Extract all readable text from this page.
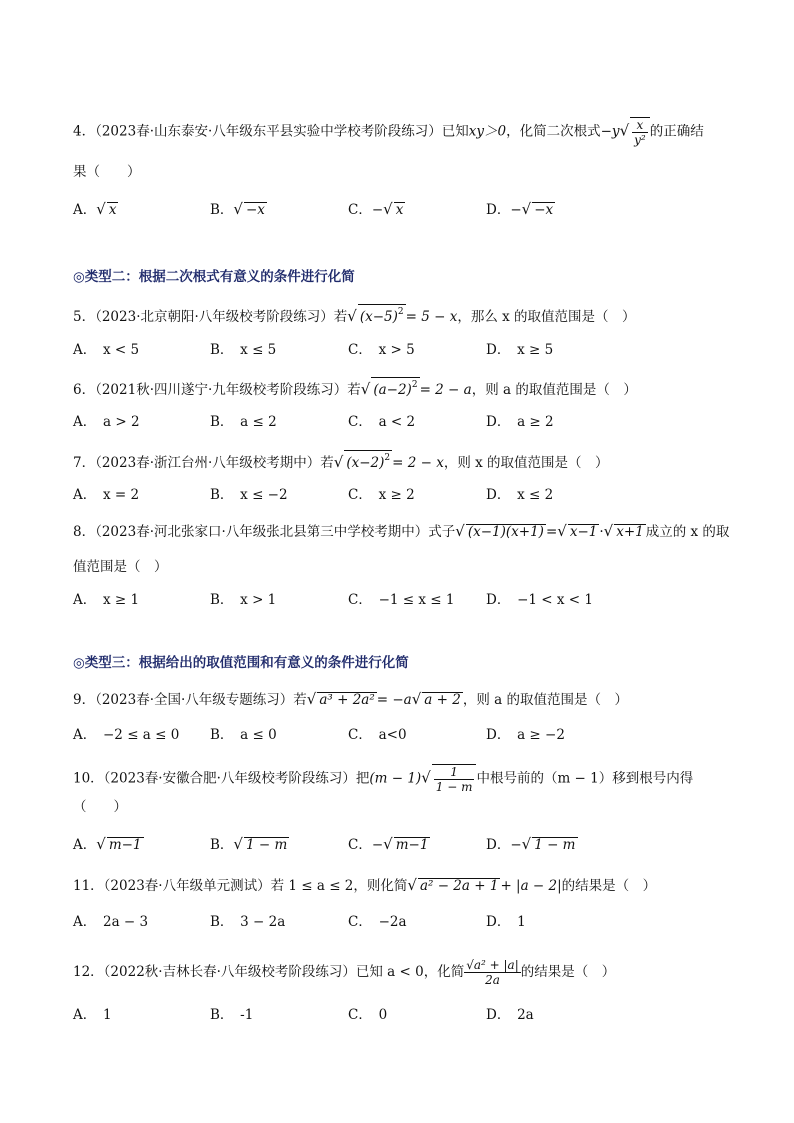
4．（2023春·山东泰安·八年级东平县实验中学校考阶段练习）已知xy＞0，化简二次根式$-y√ \frac{x}{\text{y²}}$ 的正确结
果（　　）
A．√ x	B．√ −x	C．−√ x	D．−√ −x
◎类型二：根据二次根式有意义的条件进行化简
5．（2023·北京朝阳·八年级校考阶段练习）若√ $(x-5)^2 = 5 - x$，那么 x 的取值范围是（　）
A．　x < 5	B．　x ≤ 5	C．　x > 5	D．　x ≥ 5
6．（2021秋·四川遂宁·九年级校考阶段练习）若√ $(a-2)^2 = 2 - a$，则 a 的取值范围是（　）
A．　a > 2	B．　a ≤ 2	C．　a < 2	D．　a ≥ 2
7．（2023春·浙江台州·八年级校考期中）若√ $(x-2)^2 = 2 - x$，则 x 的取值范围是（　）
A．　x = 2	B．　x ≤ −2	C．　x ≥ 2	D．　x ≤ 2
8．（2023春·河北张家口·八年级张北县第三中学校考期中）式子√ (x−1)(x+1) =√ x−1 ·√ x+1 成立的 x 的取
值范围是（　）
A．　x ≥ 1	B．　x > 1	C．　−1 ≤ x ≤ 1 D．　−1 < x < 1
◎类型三：根据给出的取值范围和有意义的条件进行化简
9．（2023春·全国·八年级专题练习）若√ a³ + 2a² = −a√ a + 2 ，则 a 的取值范围是（　）
A．　−2 ≤ a ≤ 0 B．　a ≤ 0	C．　a<0	D．　a ≥ −2
10．（2023春·安徽合肥·八年级校考阶段练习）把$(m - 1)√ \frac{1}{1 - m}$ 中根号前的（m − 1）移到根号内得
（　　）
A．√ m−1	B．√ 1 − m	C．−√ m−1	D．−√ 1 − m
11．（2023春·八年级单元测试）若 1 ≤ a ≤ 2，则化简√ a² − 2a + 1 + |a − 2|的结果是（　）
A．　2a − 3	B．　3 − 2a	C．　−2a	D．　1
12．（2022秋·吉林长春·八年级校考阶段练习）已知 a < 0，化简 $\frac{\text{√a² + |a|}}{2a}$ 的结果是（　）
A．　1	B．　-1	C．　0	D．　2a
